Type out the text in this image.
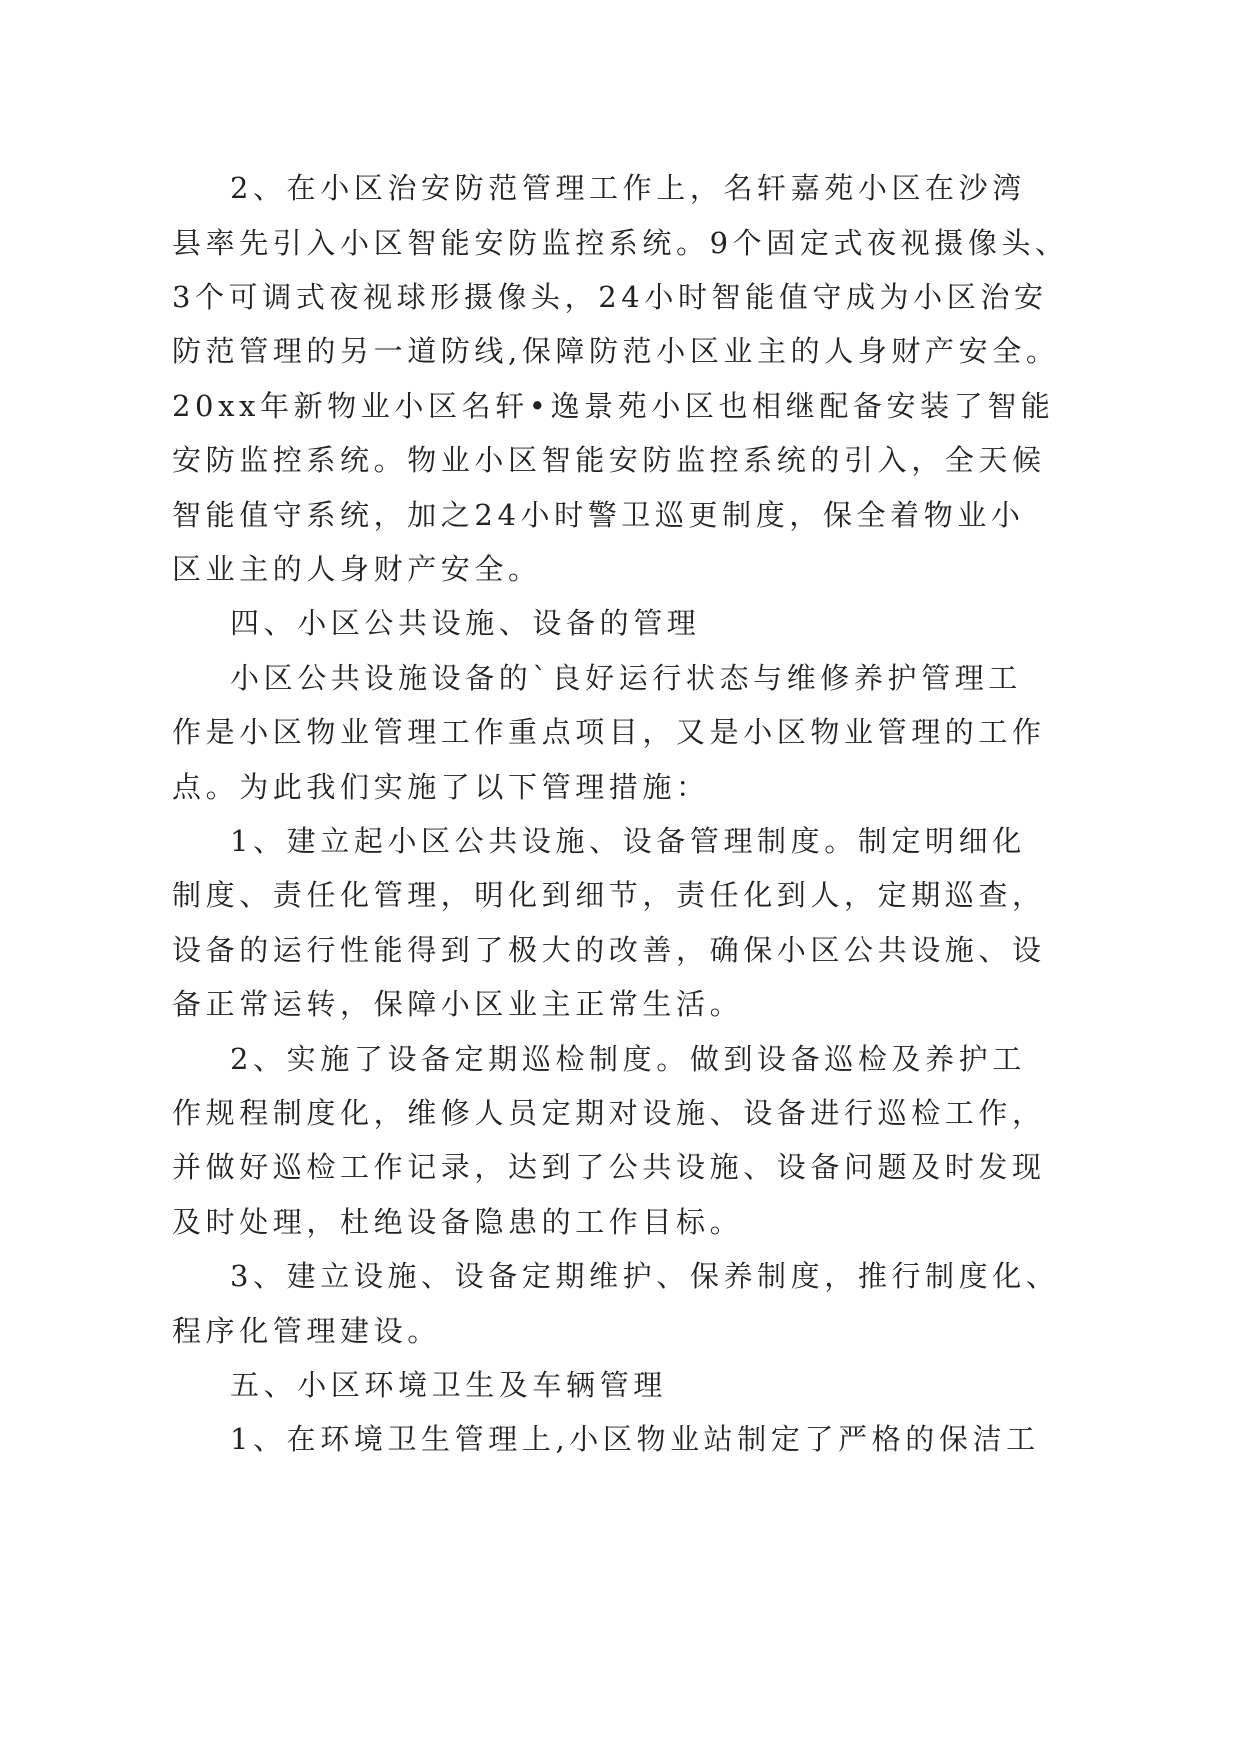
2、在小区治安防范管理工作上，名轩嘉苑小区在沙湾
县率先引入小区智能安防监控系统。9个固定式夜视摄像头、
3个可调式夜视球形摄像头，24小时智能值守成为小区治安
防范管理的另一道防线,保障防范小区业主的人身财产安全。
20xx年新物业小区名轩•逸景苑小区也相继配备安装了智能
安防监控系统。物业小区智能安防监控系统的引入，全天候
智能值守系统，加之24小时警卫巡更制度，保全着物业小
区业主的人身财产安全。
四、小区公共设施、设备的管理
小区公共设施设备的`良好运行状态与维修养护管理工
作是小区物业管理工作重点项目，又是小区物业管理的工作
点。为此我们实施了以下管理措施：
1、建立起小区公共设施、设备管理制度。制定明细化
制度、责任化管理，明化到细节，责任化到人，定期巡查，
设备的运行性能得到了极大的改善，确保小区公共设施、设
备正常运转，保障小区业主正常生活。
2、实施了设备定期巡检制度。做到设备巡检及养护工
作规程制度化，维修人员定期对设施、设备进行巡检工作，
并做好巡检工作记录，达到了公共设施、设备问题及时发现
及时处理，杜绝设备隐患的工作目标。
3、建立设施、设备定期维护、保养制度，推行制度化、
程序化管理建设。
五、小区环境卫生及车辆管理
1、在环境卫生管理上,小区物业站制定了严格的保洁工
